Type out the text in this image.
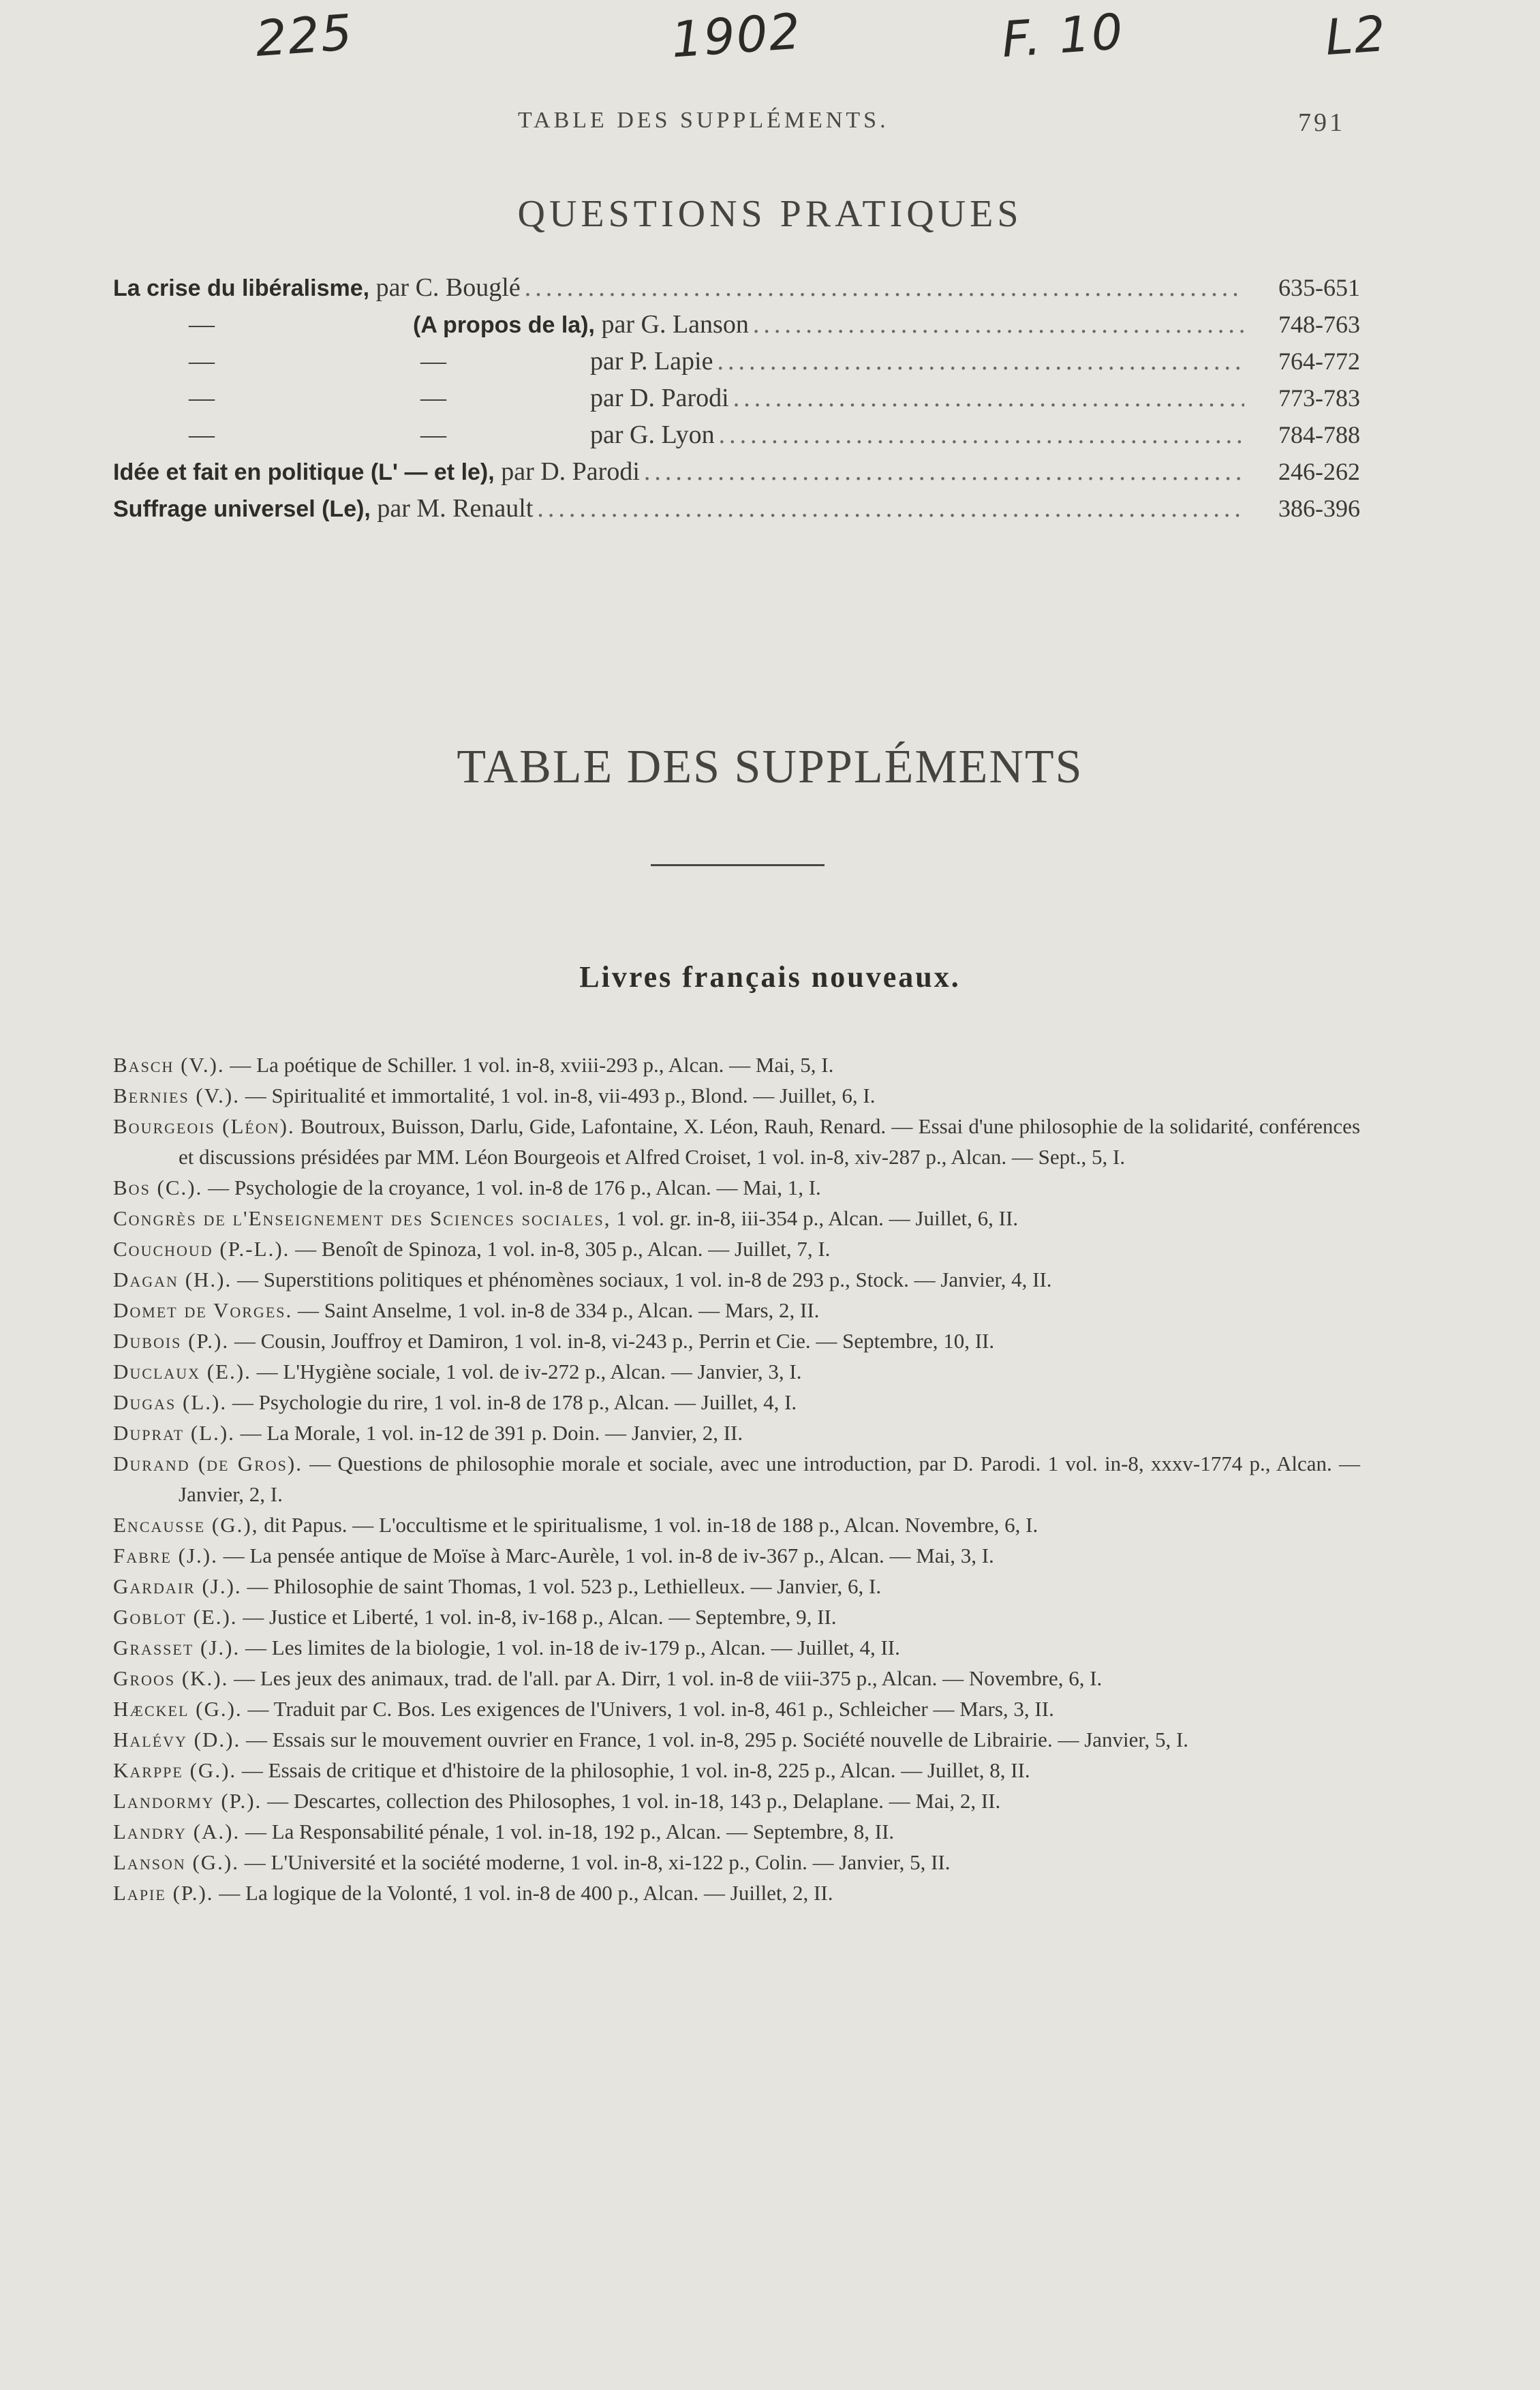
225	1902	F. 10	L2
TABLE DES SUPPLÉMENTS.	791
QUESTIONS PRATIQUES
La crise du libéralisme, par C. Bouglé .....	635-651
—	(A propos de la), par G. Lanson .....	748-763
—	—	par P. Lapie .....	764-772
—	—	par D. Parodi .....	773-783
—	—	par G. Lyon .....	784-788
Idée et fait en politique (L' — et le), par D. Parodi .....	246-262
Suffrage universel (Le), par M. Renault .....	386-396
TABLE DES SUPPLÉMENTS
Livres français nouveaux.
Basch (V.). — La poétique de Schiller. 1 vol. in-8, xviii-293 p., Alcan. — Mai, 5, I.
Bernies (V.). — Spiritualité et immortalité, 1 vol. in-8, vii-493 p., Blond. — Juillet, 6, I.
Bourgeois (Léon). Boutroux, Buisson, Darlu, Gide, Lafontaine, X. Léon, Rauh, Renard. — Essai d'une philosophie de la solidarité, conférences et discussions présidées par MM. Léon Bourgeois et Alfred Croiset, 1 vol. in-8, xiv-287 p., Alcan. — Sept., 5, I.
Bos (C.). — Psychologie de la croyance, 1 vol. in-8 de 176 p., Alcan. — Mai, 1, I.
Congrès de l'Enseignement des Sciences sociales, 1 vol. gr. in-8, iii-354 p., Alcan. — Juillet, 6, II.
Couchoud (P.-L.). — Benoît de Spinoza, 1 vol. in-8, 305 p., Alcan. — Juillet, 7, I.
Dagan (H.). — Superstitions politiques et phénomènes sociaux, 1 vol. in-8 de 293 p., Stock. — Janvier, 4, II.
Domet de Vorges. — Saint Anselme, 1 vol. in-8 de 334 p., Alcan. — Mars, 2, II.
Dubois (P.). — Cousin, Jouffroy et Damiron, 1 vol. in-8, vi-243 p., Perrin et Cie. — Septembre, 10, II.
Duclaux (E.). — L'Hygiène sociale, 1 vol. de iv-272 p., Alcan. — Janvier, 3, I.
Dugas (L.). — Psychologie du rire, 1 vol. in-8 de 178 p., Alcan. — Juillet, 4, I.
Duprat (L.). — La Morale, 1 vol. in-12 de 391 p. Doin. — Janvier, 2, II.
Durand (de Gros). — Questions de philosophie morale et sociale, avec une introduction, par D. Parodi. 1 vol. in-8, xxxv-1774 p., Alcan. — Janvier, 2, I.
Encausse (G.), dit Papus. — L'occultisme et le spiritualisme, 1 vol. in-18 de 188 p., Alcan. Novembre, 6, I.
Fabre (J.). — La pensée antique de Moïse à Marc-Aurèle, 1 vol. in-8 de iv-367 p., Alcan. — Mai, 3, I.
Gardair (J.). — Philosophie de saint Thomas, 1 vol. 523 p., Lethielleux. — Janvier, 6, I.
Goblot (E.). — Justice et Liberté, 1 vol. in-8, iv-168 p., Alcan. — Septembre, 9, II.
Grasset (J.). — Les limites de la biologie, 1 vol. in-18 de iv-179 p., Alcan. — Juillet, 4, II.
Groos (K.). — Les jeux des animaux, trad. de l'all. par A. Dirr, 1 vol. in-8 de viii-375 p., Alcan. — Novembre, 6, I.
Hæckel (G.). — Traduit par C. Bos. Les exigences de l'Univers, 1 vol. in-8, 461 p., Schleicher — Mars, 3, II.
Halévy (D.). — Essais sur le mouvement ouvrier en France, 1 vol. in-8, 295 p. Société nouvelle de Librairie. — Janvier, 5, I.
Karppe (G.). — Essais de critique et d'histoire de la philosophie, 1 vol. in-8, 225 p., Alcan. — Juillet, 8, II.
Landormy (P.). — Descartes, collection des Philosophes, 1 vol. in-18, 143 p., Delaplane. — Mai, 2, II.
Landry (A.). — La Responsabilité pénale, 1 vol. in-18, 192 p., Alcan. — Septembre, 8, II.
Lanson (G.). — L'Université et la société moderne, 1 vol. in-8, xi-122 p., Colin. — Janvier, 5, II.
Lapie (P.). — La logique de la Volonté, 1 vol. in-8 de 400 p., Alcan. — Juillet, 2, II.
